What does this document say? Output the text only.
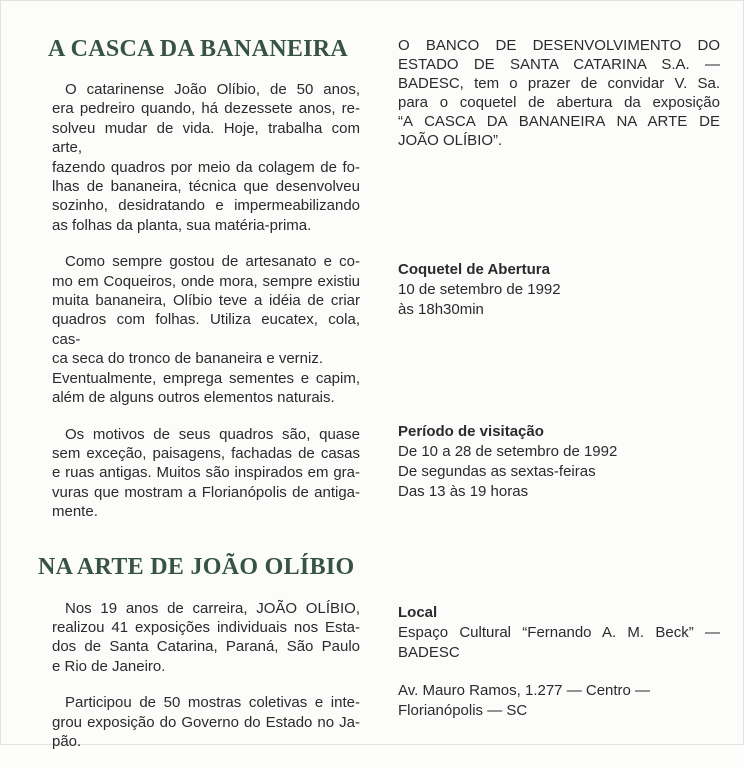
A CASCA DA BANANEIRA

O catarinense João Olíbio, de 50 anos,
era pedreiro quando, há dezessete anos, re-
solveu mudar de vida. Hoje, trabalha com arte,
fazendo quadros por meio da colagem de fo-
lhas de bananeira, técnica que desenvolveu
sozinho, desidratando e impermeabilizando
as folhas da planta, sua matéria-prima.

Como sempre gostou de artesanato e co-
mo em Coqueiros, onde mora, sempre existiu
muita bananeira, Olíbio teve a idéia de criar
quadros com folhas. Utiliza eucatex, cola, cas-
ca seca do tronco de bananeira e verniz.
Eventualmente, emprega sementes e capim,
além de alguns outros elementos naturais.

Os motivos de seus quadros são, quase
sem exceção, paisagens, fachadas de casas
e ruas antigas. Muitos são inspirados em gra-
vuras que mostram a Florianópolis de antiga-
mente.

NA ARTE DE JOÃO OLÍBIO

Nos 19 anos de carreira, JOÃO OLÍBIO,
realizou 41 exposições individuais nos Esta-
dos de Santa Catarina, Paraná, São Paulo
e Rio de Janeiro.

Participou de 50 mostras coletivas e inte-
grou exposição do Governo do Estado no Ja-
pão.

O BANCO DE DESENVOLVIMENTO DO
ESTADO DE SANTA CATARINA S.A. —
BADESC, tem o prazer de convidar V. Sa.
para o coquetel de abertura da exposição
“A CASCA DA BANANEIRA NA ARTE DE
JOÃO OLÍBIO”.

Coquetel de Abertura
10 de setembro de 1992
às 18h30min
Período de visitação
De 10 a 28 de setembro de 1992
De segundas as sextas-feiras
Das 13 às 19 horas
Local
Espaço Cultural “Fernando A. M. Beck” —
BADESC
Av. Mauro Ramos, 1.277 — Centro —
Florianópolis — SC
